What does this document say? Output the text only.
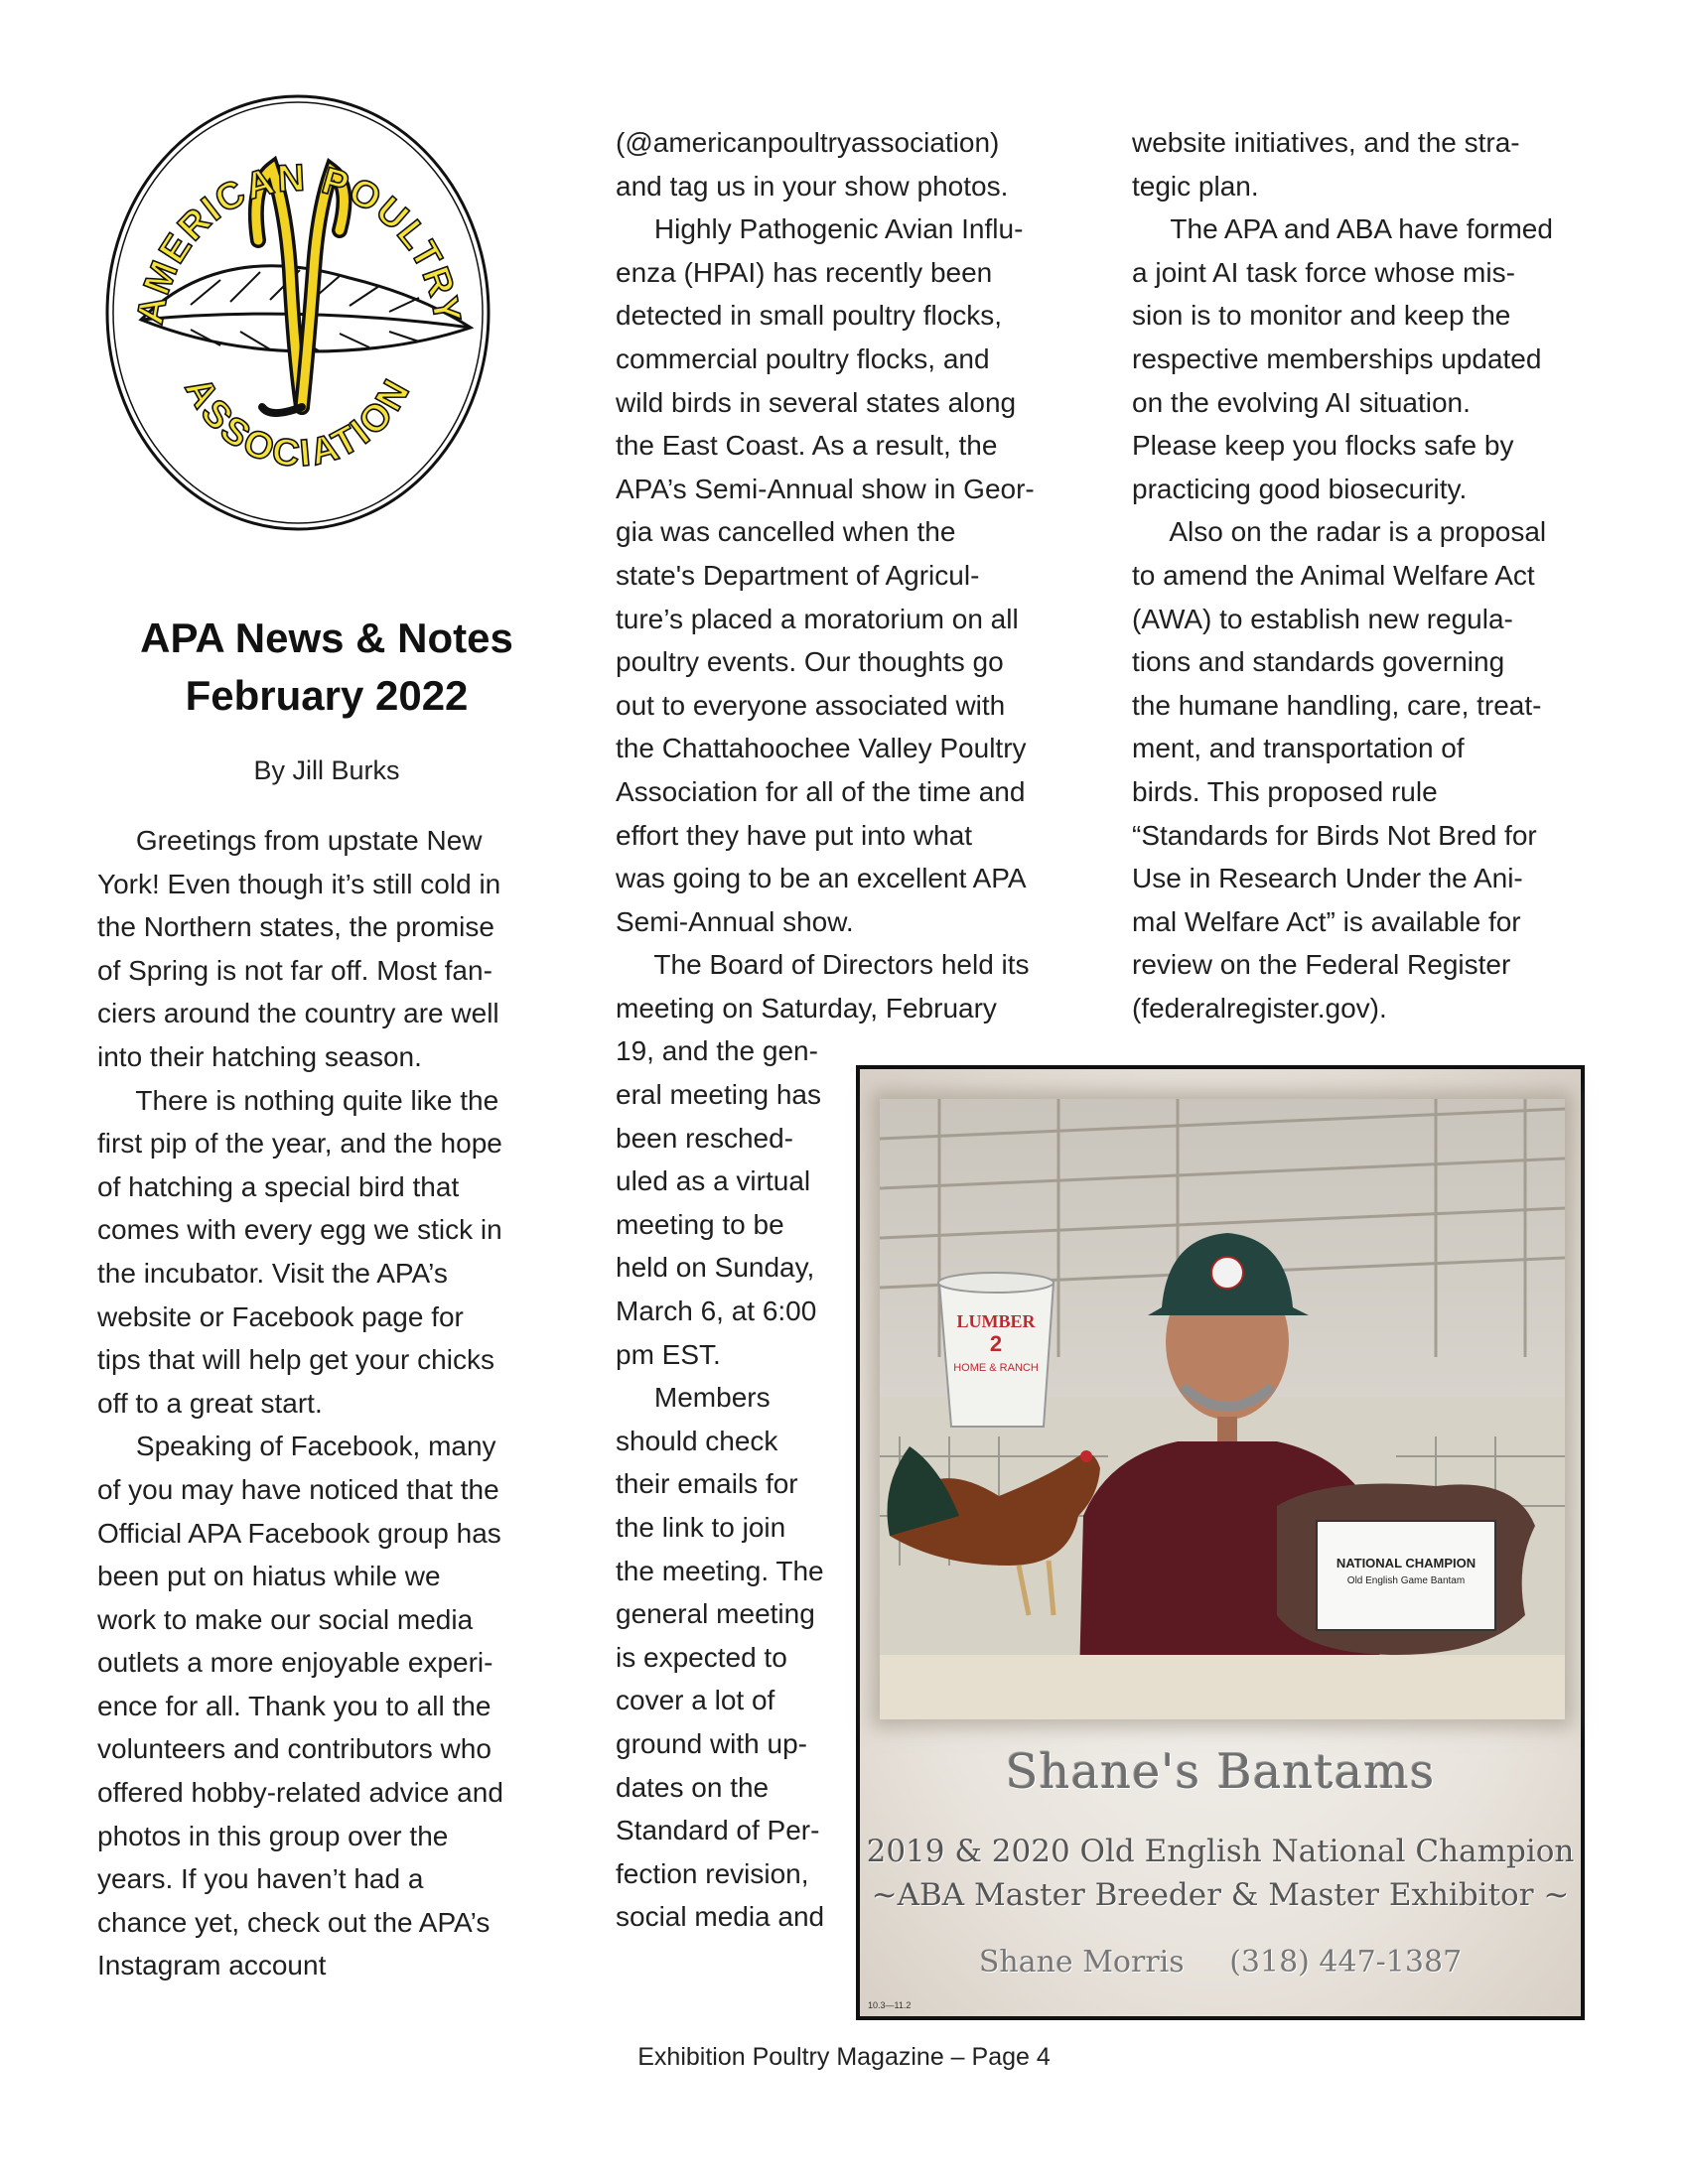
AMERICAN POULTRY
ASSOCIATION
APA News & Notes
February 2022
By Jill Burks
Greetings from upstate New
York! Even though it’s still cold in
the Northern states, the promise
of Spring is not far off. Most fan-
ciers around the country are well
into their hatching season.
There is nothing quite like the
first pip of the year, and the hope
of hatching a special bird that
comes with every egg we stick in
the incubator. Visit the APA’s
website or Facebook page for
tips that will help get your chicks
off to a great start.
Speaking of Facebook, many
of you may have noticed that the
Official APA Facebook group has
been put on hiatus while we
work to make our social media
outlets a more enjoyable experi-
ence for all. Thank you to all the
volunteers and contributors who
offered hobby-related advice and
photos in this group over the
years. If you haven’t had a
chance yet, check out the APA’s
Instagram account
(@americanpoultryassociation)
and tag us in your show photos.
Highly Pathogenic Avian Influ-
enza (HPAI) has recently been
detected in small poultry flocks,
commercial poultry flocks, and
wild birds in several states along
the East Coast. As a result, the
APA’s Semi-Annual show in Geor-
gia was cancelled when the
state's Department of Agricul-
ture’s placed a moratorium on all
poultry events. Our thoughts go
out to everyone associated with
the Chattahoochee Valley Poultry
Association for all of the time and
effort they have put into what
was going to be an excellent APA
Semi-Annual show.
The Board of Directors held its
meeting on Saturday, February
19, and the gen-
eral meeting has
been resched-
uled as a virtual
meeting to be
held on Sunday,
March 6, at 6:00
pm EST.
Members
should check
their emails for
the link to join
the meeting. The
general meeting
is expected to
cover a lot of
ground with up-
dates on the
Standard of Per-
fection revision,
social media and
website initiatives, and the stra-
tegic plan.
The APA and ABA have formed
a joint AI task force whose mis-
sion is to monitor and keep the
respective memberships updated
on the evolving AI situation.
Please keep you flocks safe by
practicing good biosecurity.
Also on the radar is a proposal
to amend the Animal Welfare Act
(AWA) to establish new regula-
tions and standards governing
the humane handling, care, treat-
ment, and transportation of
birds. This proposed rule
“Standards for Birds Not Bred for
Use in Research Under the Ani-
mal Welfare Act” is available for
review on the Federal Register
(federalregister.gov).
LUMBER
2
HOME & RANCH
NATIONAL CHAMPION
Old English Game Bantam
Shane's Bantams
2019 & 2020 Old English National Champion
~ABA Master Breeder & Master Exhibitor ~
Shane Morris (318) 447-1387
10.3—11.2
Exhibition Poultry Magazine – Page 4
